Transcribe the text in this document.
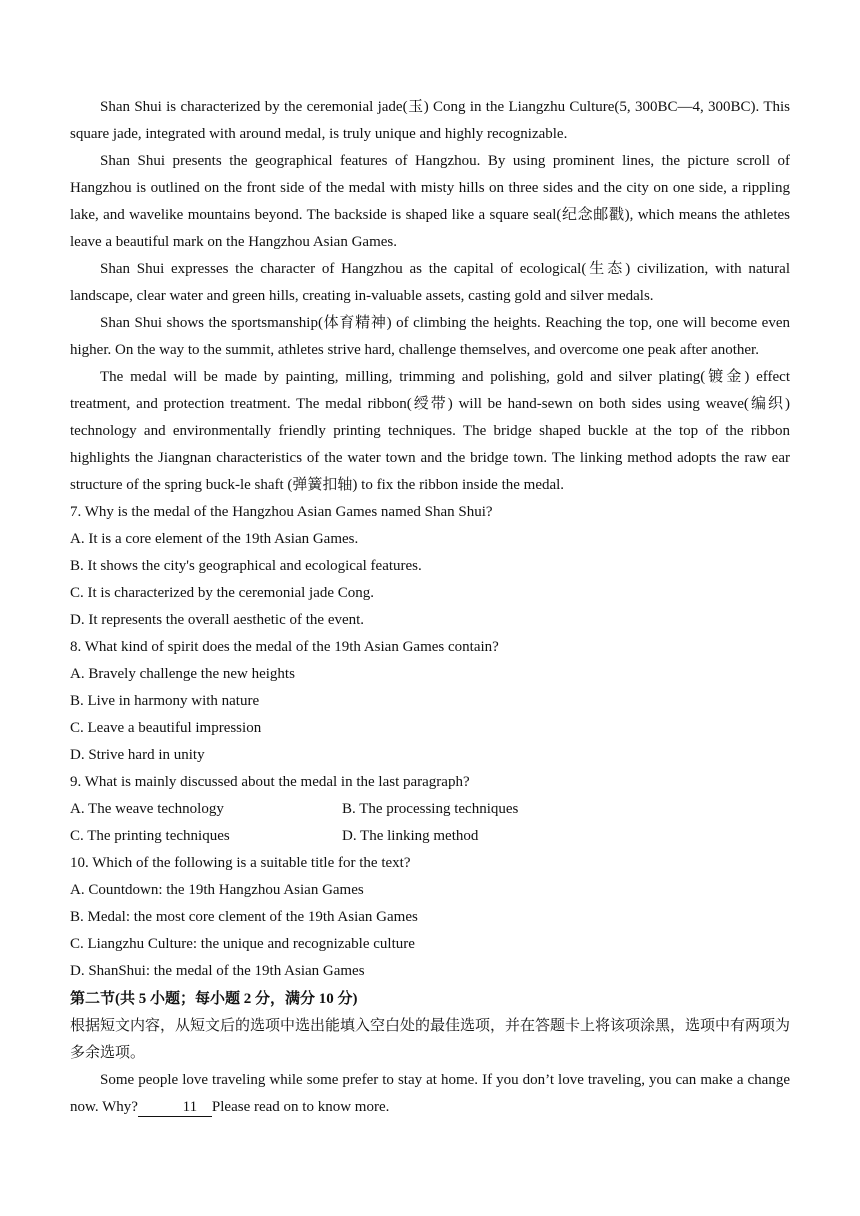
Shan Shui is characterized by the ceremonial jade(玉) Cong in the Liangzhu Culture(5, 300BC—4, 300BC). This square jade, integrated with around medal, is truly unique and highly recognizable.

Shan Shui presents the geographical features of Hangzhou. By using prominent lines, the picture scroll of Hangzhou is outlined on the front side of the medal with misty hills on three sides and the city on one side, a rippling lake, and wavelike mountains beyond. The backside is shaped like a square seal(纪念邮戳), which means the athletes leave a beautiful mark on the Hangzhou Asian Games.

Shan Shui expresses the character of Hangzhou as the capital of ecological(生态) civilization, with natural landscape, clear water and green hills, creating in-valuable assets, casting gold and silver medals.

Shan Shui shows the sportsmanship(体育精神) of climbing the heights. Reaching the top, one will become even higher. On the way to the summit, athletes strive hard, challenge themselves, and overcome one peak after another.

The medal will be made by painting, milling, trimming and polishing, gold and silver plating(镀金) effect treatment, and protection treatment. The medal ribbon(绶带) will be hand-sewn on both sides using weave(编织) technology and environmentally friendly printing techniques. The bridge shaped buckle at the top of the ribbon highlights the Jiangnan characteristics of the water town and the bridge town. The linking method adopts the raw ear structure of the spring buck-le shaft (弹簧扣轴) to fix the ribbon inside the medal.

7. Why is the medal of the Hangzhou Asian Games named Shan Shui?

A. It is a core element of the 19th Asian Games.

B. It shows the city's geographical and ecological features.

C. It is characterized by the ceremonial jade Cong.

D. It represents the overall aesthetic of the event.

8. What kind of spirit does the medal of the 19th Asian Games contain?

A. Bravely challenge the new heights

B. Live in harmony with nature

C. Leave a beautiful impression

D. Strive hard in unity

9. What is mainly discussed about the medal in the last paragraph?

A. The weave technology	B. The processing techniques

C. The printing techniques	D. The linking method

10. Which of the following is a suitable title for the text?

A. Countdown: the 19th Hangzhou Asian Games

B. Medal: the most core clement of the 19th Asian Games

C. Liangzhu Culture: the unique and recognizable culture

D. ShanShui: the medal of the 19th Asian Games

第二节(共 5 小题；每小题 2 分，满分 10 分)

根据短文内容，从短文后的选项中选出能填入空白处的最佳选项，并在答题卡上将该项涂黑，选项中有两项为多余选项。

Some people love traveling while some prefer to stay at home. If you don’t love traveling, you can make a change now. Why?	11 Please read on to know more.
